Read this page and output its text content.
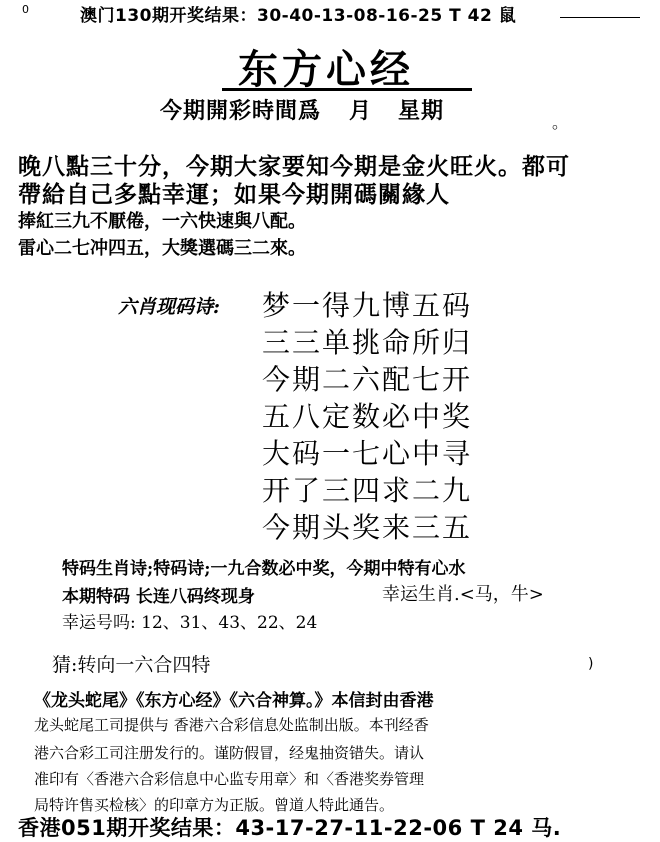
0	澳门130期开奖结果：30-40-13-08-16-25 T 42 鼠
东方心经
今期開彩時間爲 月 星期	。
晚八點三十分，今期大家要知今期是金火旺火。都可
帶給自己多點幸運；如果今期開碼關緣人
捧紅三九不厭倦，一六快速與八配。
雷心二七冲四五，大獎選碼三二來。
六肖现码诗: 梦一得九博五码
三三单挑命所归
今期二六配七开
五八定数必中奖
大码一七心中寻
开了三四求二九
今期头奖来三五
特码生肖诗;特码诗;一九合数必中奖，今期中特有心水
本期特码 长连八码终现身	幸运生肖.<马，牛>
幸运号吗: 12、31、43、22、24
猜:转向一六合四特	)
《龙头蛇尾》《东方心经》《六合神算。》本信封由香港
龙头蛇尾工司提供与 香港六合彩信息处监制出版。本刊经香
港六合彩工司注册发行的。谨防假冒，经鬼抽资错失。请认
准印有〈香港六合彩信息中心监专用章〉和〈香港奖券管理
局特许售买检核〉的印章方为正版。曾道人特此通告。
香港051期开奖结果：43-17-27-11-22-06 T 24 马.
